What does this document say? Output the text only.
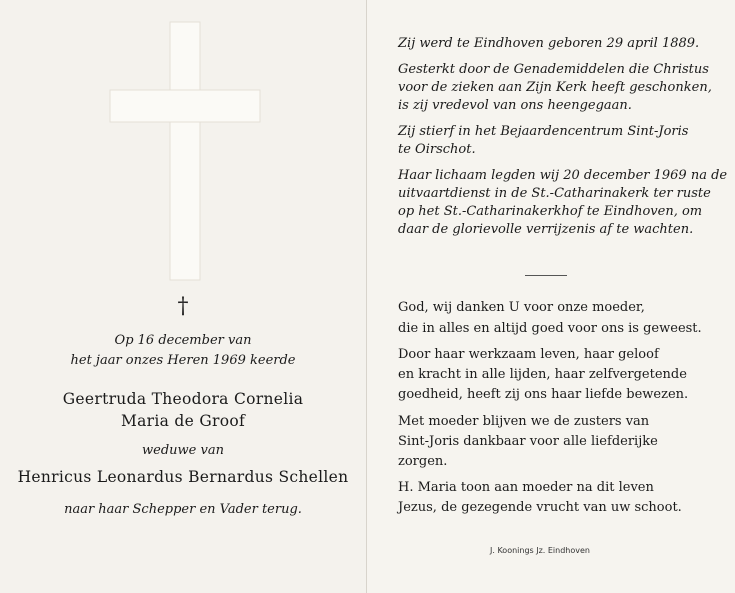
†
Op 16 december van
het jaar onzes Heren 1969 keerde
Geertruda Theodora Cornelia
Maria de Groof
weduwe van
Henricus Leonardus Bernardus Schellen
naar haar Schepper en Vader terug.
Zij werd te Eindhoven geboren 29 april 1889.
Gesterkt door de Genademiddelen die Christus
voor de zieken aan Zijn Kerk heeft geschonken,
is zij vredevol van ons heengegaan.
Zij stierf in het Bejaardencentrum Sint-Joris
te Oirschot.
Haar lichaam legden wij 20 december 1969 na de
uitvaartdienst in de St.-Catharinakerk ter ruste
op het St.-Catharinakerkhof te Eindhoven, om
daar de glorievolle verrijzenis af te wachten.
God, wij danken U voor onze moeder,
die in alles en altijd goed voor ons is geweest.
Door haar werkzaam leven, haar geloof
en kracht in alle lijden, haar zelfvergetende
goedheid, heeft zij ons haar liefde bewezen.
Met moeder blijven we de zusters van
Sint-Joris dankbaar voor alle liefderijke
zorgen.
H. Maria toon aan moeder na dit leven
Jezus, de gezegende vrucht van uw schoot.
J. Koonings Jz. Eindhoven
